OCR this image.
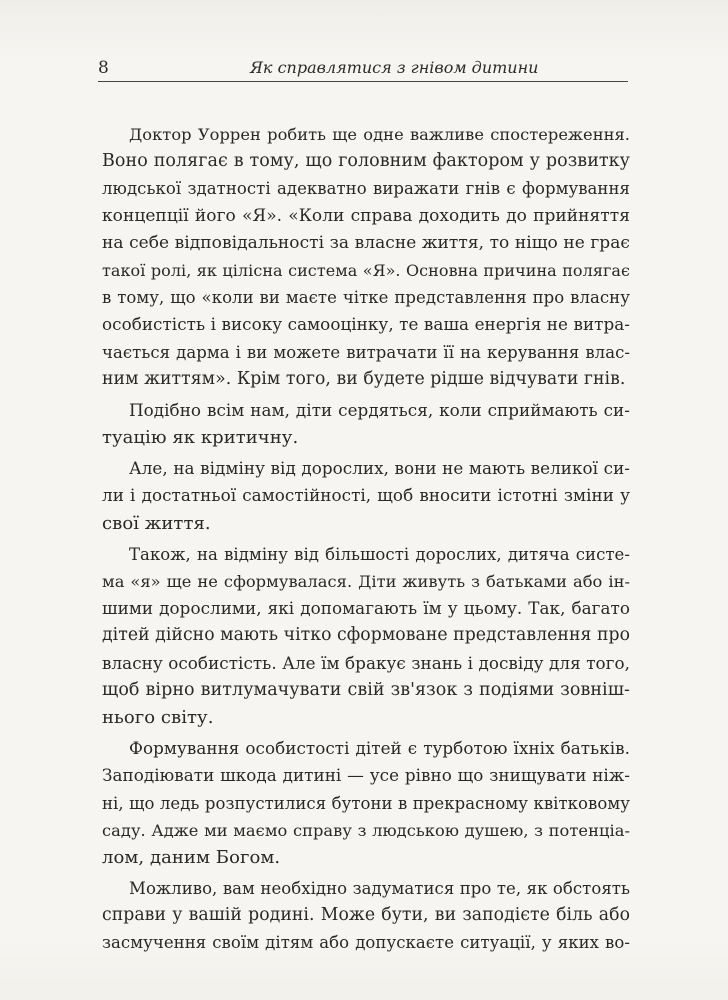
8	Як справлятися з гнівом дитини

Доктор Уоррен робить ще одне важливе спостереження.
Воно полягає в тому, що головним фактором у розвитку
людської здатності адекватно виражати гнів є формування
концепції його «Я». «Коли справа доходить до прийняття
на себе відповідальності за власне життя, то ніщо не грає
такої ролі, як цілісна система «Я». Основна причина полягає
в тому, що «коли ви маєте чітке представлення про власну
особистість і високу самооцінку, те ваша енергія не витра-
чається дарма і ви можете витрачати її на керування влас-
ним життям». Крім того, ви будете рідше відчувати гнів.

Подібно всім нам, діти сердяться, коли сприймають си-
туацію як критичну.

Але, на відміну від дорослих, вони не мають великої си-
ли і достатньої самостійності, щоб вносити істотні зміни у
свої життя.

Також, на відміну від більшості дорослих, дитяча систе-
ма «я» ще не сформувалася. Діти живуть з батьками або ін-
шими дорослими, які допомагають їм у цьому. Так, багато
дітей дійсно мають чітко сформоване представлення про
власну особистість. Але їм бракує знань і досвіду для того,
щоб вірно витлумачувати свій зв'язок з подіями зовніш-
нього світу.

Формування особистості дітей є турботою їхніх батьків.
Заподіювати шкода дитині — усе рівно що знищувати ніж-
ні, що ледь розпустилися бутони в прекрасному квітковому
саду. Адже ми маємо справу з людською душею, з потенціа-
лом, даним Богом.

Можливо, вам необхідно задуматися про те, як обстоять
справи у вашій родині. Може бути, ви заподієте біль або
засмучення своїм дітям або допускаєте ситуації, у яких во-
